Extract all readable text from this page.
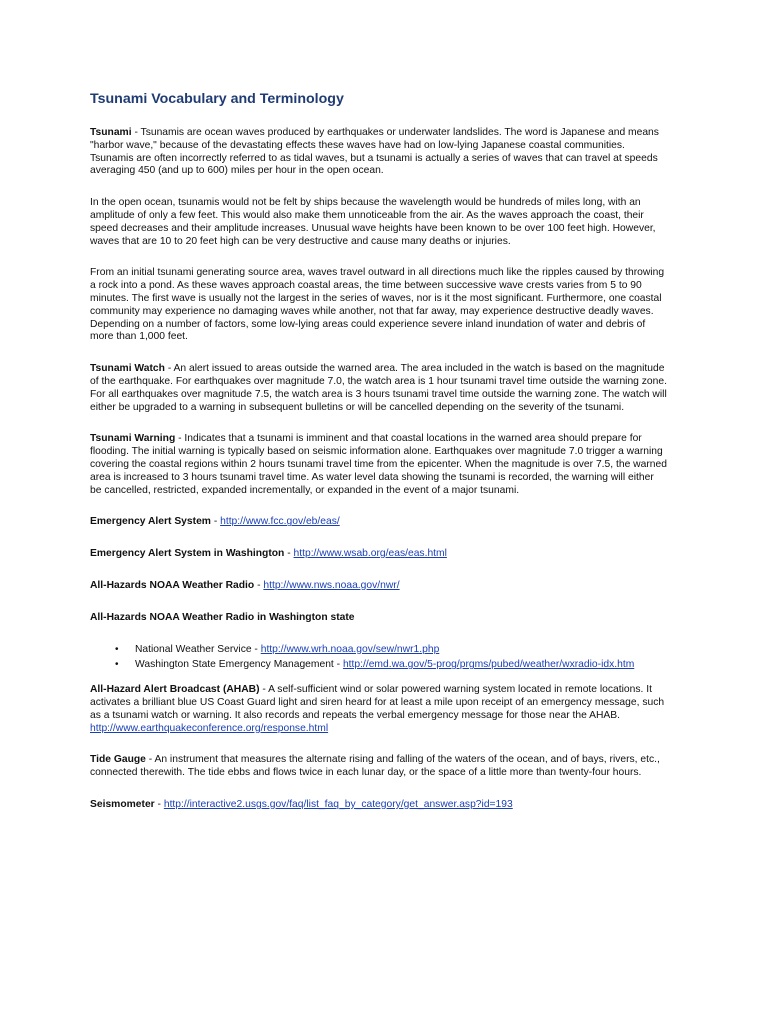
Tsunami Vocabulary and Terminology

Tsunami - Tsunamis are ocean waves produced by earthquakes or underwater landslides. The word is Japanese and means "harbor wave," because of the devastating effects these waves have had on low-lying Japanese coastal communities. Tsunamis are often incorrectly referred to as tidal waves, but a tsunami is actually a series of waves that can travel at speeds averaging 450 (and up to 600) miles per hour in the open ocean.

In the open ocean, tsunamis would not be felt by ships because the wavelength would be hundreds of miles long, with an amplitude of only a few feet. This would also make them unnoticeable from the air. As the waves approach the coast, their speed decreases and their amplitude increases. Unusual wave heights have been known to be over 100 feet high. However, waves that are 10 to 20 feet high can be very destructive and cause many deaths or injuries.

From an initial tsunami generating source area, waves travel outward in all directions much like the ripples caused by throwing a rock into a pond. As these waves approach coastal areas, the time between successive wave crests varies from 5 to 90 minutes. The first wave is usually not the largest in the series of waves, nor is it the most significant. Furthermore, one coastal community may experience no damaging waves while another, not that far away, may experience destructive deadly waves. Depending on a number of factors, some low-lying areas could experience severe inland inundation of water and debris of more than 1,000 feet.

Tsunami Watch - An alert issued to areas outside the warned area. The area included in the watch is based on the magnitude of the earthquake. For earthquakes over magnitude 7.0, the watch area is 1 hour tsunami travel time outside the warning zone. For all earthquakes over magnitude 7.5, the watch area is 3 hours tsunami travel time outside the warning zone. The watch will either be upgraded to a warning in subsequent bulletins or will be cancelled depending on the severity of the tsunami.

Tsunami Warning - Indicates that a tsunami is imminent and that coastal locations in the warned area should prepare for flooding. The initial warning is typically based on seismic information alone. Earthquakes over magnitude 7.0 trigger a warning covering the coastal regions within 2 hours tsunami travel time from the epicenter. When the magnitude is over 7.5, the warned area is increased to 3 hours tsunami travel time. As water level data showing the tsunami is recorded, the warning will either be cancelled, restricted, expanded incrementally, or expanded in the event of a major tsunami.

Emergency Alert System - http://www.fcc.gov/eb/eas/

Emergency Alert System in Washington - http://www.wsab.org/eas/eas.html

All-Hazards NOAA Weather Radio - http://www.nws.noaa.gov/nwr/

All-Hazards NOAA Weather Radio in Washington state

• National Weather Service - http://www.wrh.noaa.gov/sew/nwr1.php
• Washington State Emergency Management - http://emd.wa.gov/5-prog/prgms/pubed/weather/wxradio-idx.htm

All-Hazard Alert Broadcast (AHAB) - A self-sufficient wind or solar powered warning system located in remote locations. It activates a brilliant blue US Coast Guard light and siren heard for at least a mile upon receipt of an emergency message, such as a tsunami watch or warning. It also records and repeats the verbal emergency message for those near the AHAB. http://www.earthquakeconference.org/response.html

Tide Gauge - An instrument that measures the alternate rising and falling of the waters of the ocean, and of bays, rivers, etc., connected therewith. The tide ebbs and flows twice in each lunar day, or the space of a little more than twenty-four hours.

Seismometer - http://interactive2.usgs.gov/faq/list_faq_by_category/get_answer.asp?id=193
